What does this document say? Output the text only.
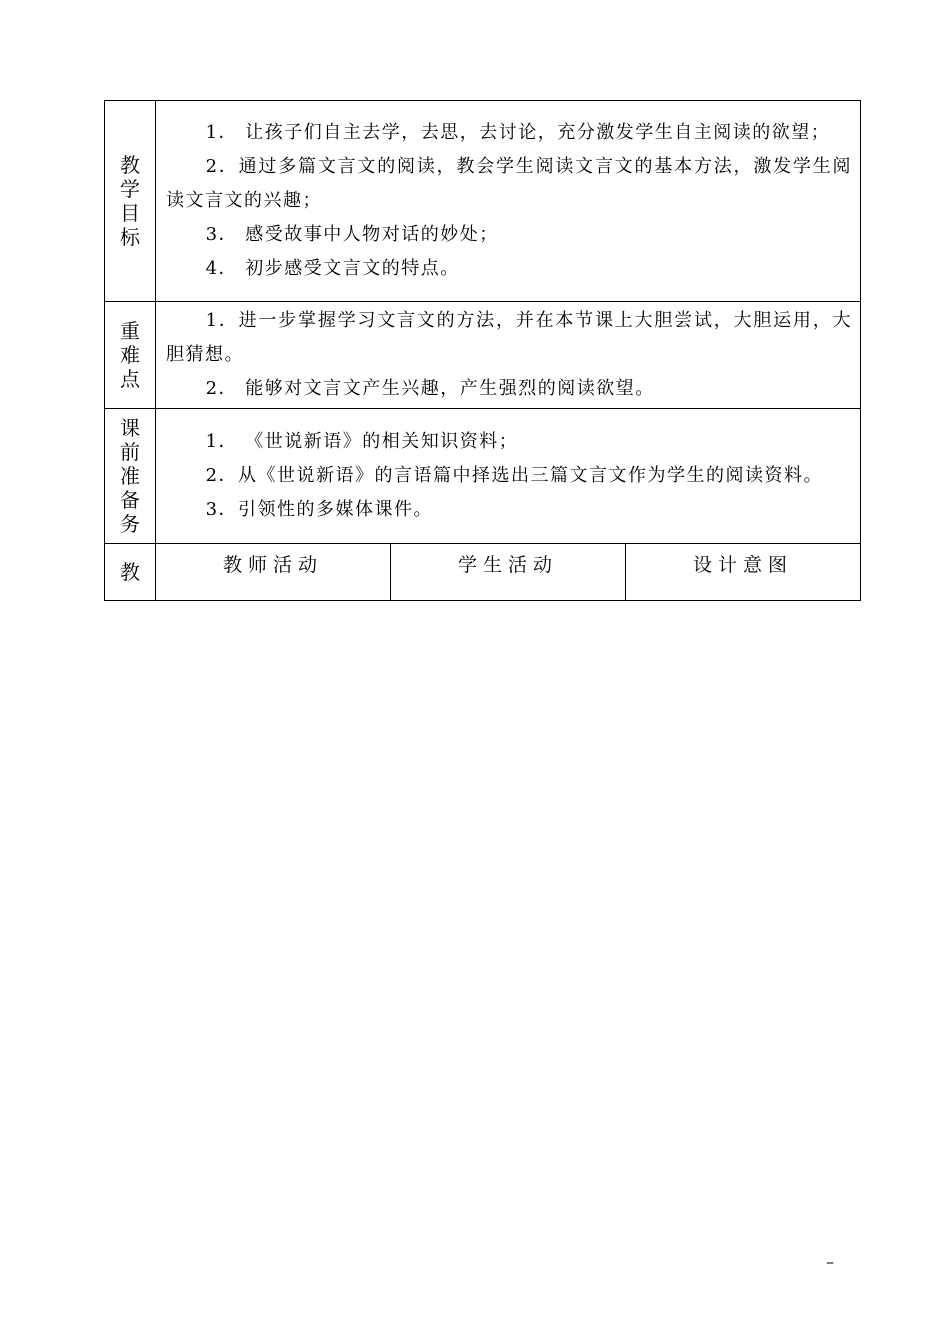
教学目标	1． 让孩子们自主去学，去思，去讨论，充分激发学生自主阅读的欲望；

2．通过多篇文言文的阅读，教会学生阅读文言文的基本方法，激发学生阅读文言文的兴趣；

3． 感受故事中人物对话的妙处；

4． 初步感受文言文的特点。		

重难点	1．进一步掌握学习文言文的方法，并在本节课上大胆尝试，大胆运用，大胆猜想。

2． 能够对文言文产生兴趣，产生强烈的阅读欲望。		

课前准备务	1． 《世说新语》的相关知识资料；

2．从《世说新语》的言语篇中择选出三篇文言文作为学生的阅读资料。

3．引领性的多媒体课件。		

教	教师活动	学生活动	设计意图
–
